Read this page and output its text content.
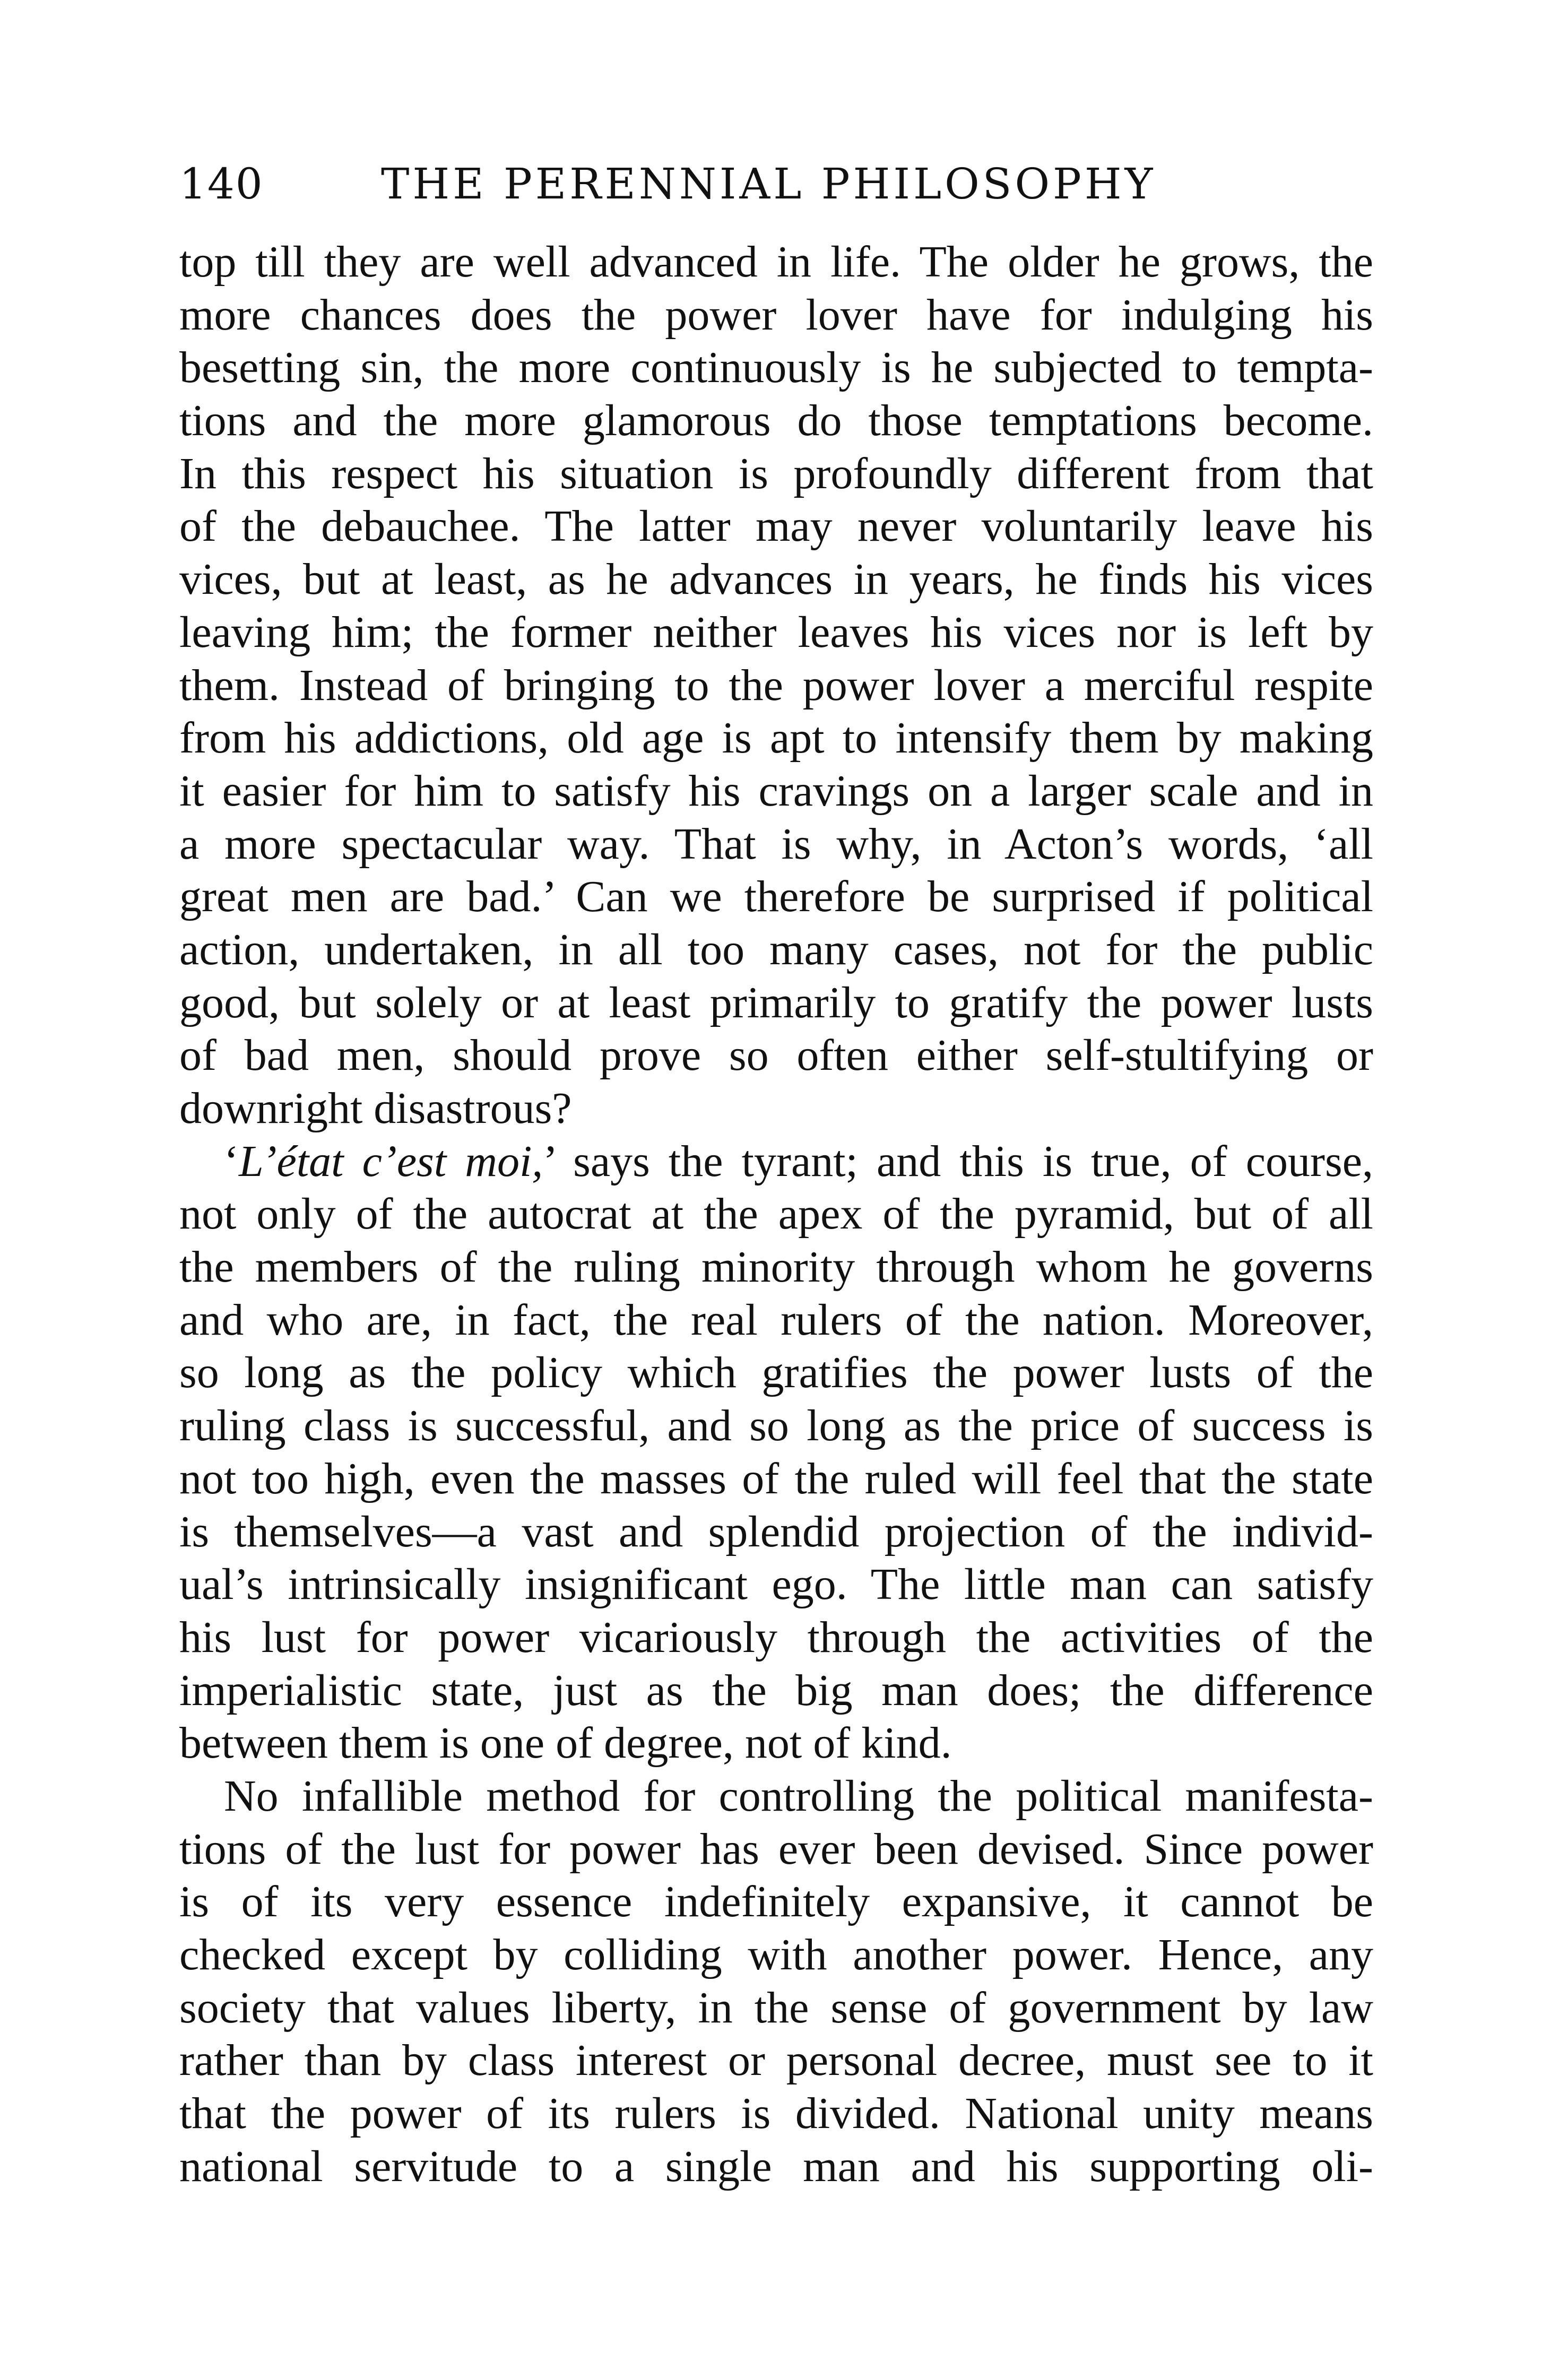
140	THE PERENNIAL PHILOSOPHY
top till they are well advanced in life. The older he grows, the
more chances does the power lover have for indulging his
besetting sin, the more continuously is he subjected to tempta-
tions and the more glamorous do those temptations become.
In this respect his situation is profoundly different from that
of the debauchee. The latter may never voluntarily leave his
vices, but at least, as he advances in years, he finds his vices
leaving him; the former neither leaves his vices nor is left by
them. Instead of bringing to the power lover a merciful respite
from his addictions, old age is apt to intensify them by making
it easier for him to satisfy his cravings on a larger scale and in
a more spectacular way. That is why, in Acton’s words, ‘all
great men are bad.’ Can we therefore be surprised if political
action, undertaken, in all too many cases, not for the public
good, but solely or at least primarily to gratify the power lusts
of bad men, should prove so often either self-stultifying or
downright disastrous?
‘L’état c’est moi,’ says the tyrant; and this is true, of course,
not only of the autocrat at the apex of the pyramid, but of all
the members of the ruling minority through whom he governs
and who are, in fact, the real rulers of the nation. Moreover,
so long as the policy which gratifies the power lusts of the
ruling class is successful, and so long as the price of success is
not too high, even the masses of the ruled will feel that the state
is themselves—a vast and splendid projection of the individ-
ual’s intrinsically insignificant ego. The little man can satisfy
his lust for power vicariously through the activities of the
imperialistic state, just as the big man does; the difference
between them is one of degree, not of kind.
No infallible method for controlling the political manifesta-
tions of the lust for power has ever been devised. Since power
is of its very essence indefinitely expansive, it cannot be
checked except by colliding with another power. Hence, any
society that values liberty, in the sense of government by law
rather than by class interest or personal decree, must see to it
that the power of its rulers is divided. National unity means
national servitude to a single man and his supporting oli-
